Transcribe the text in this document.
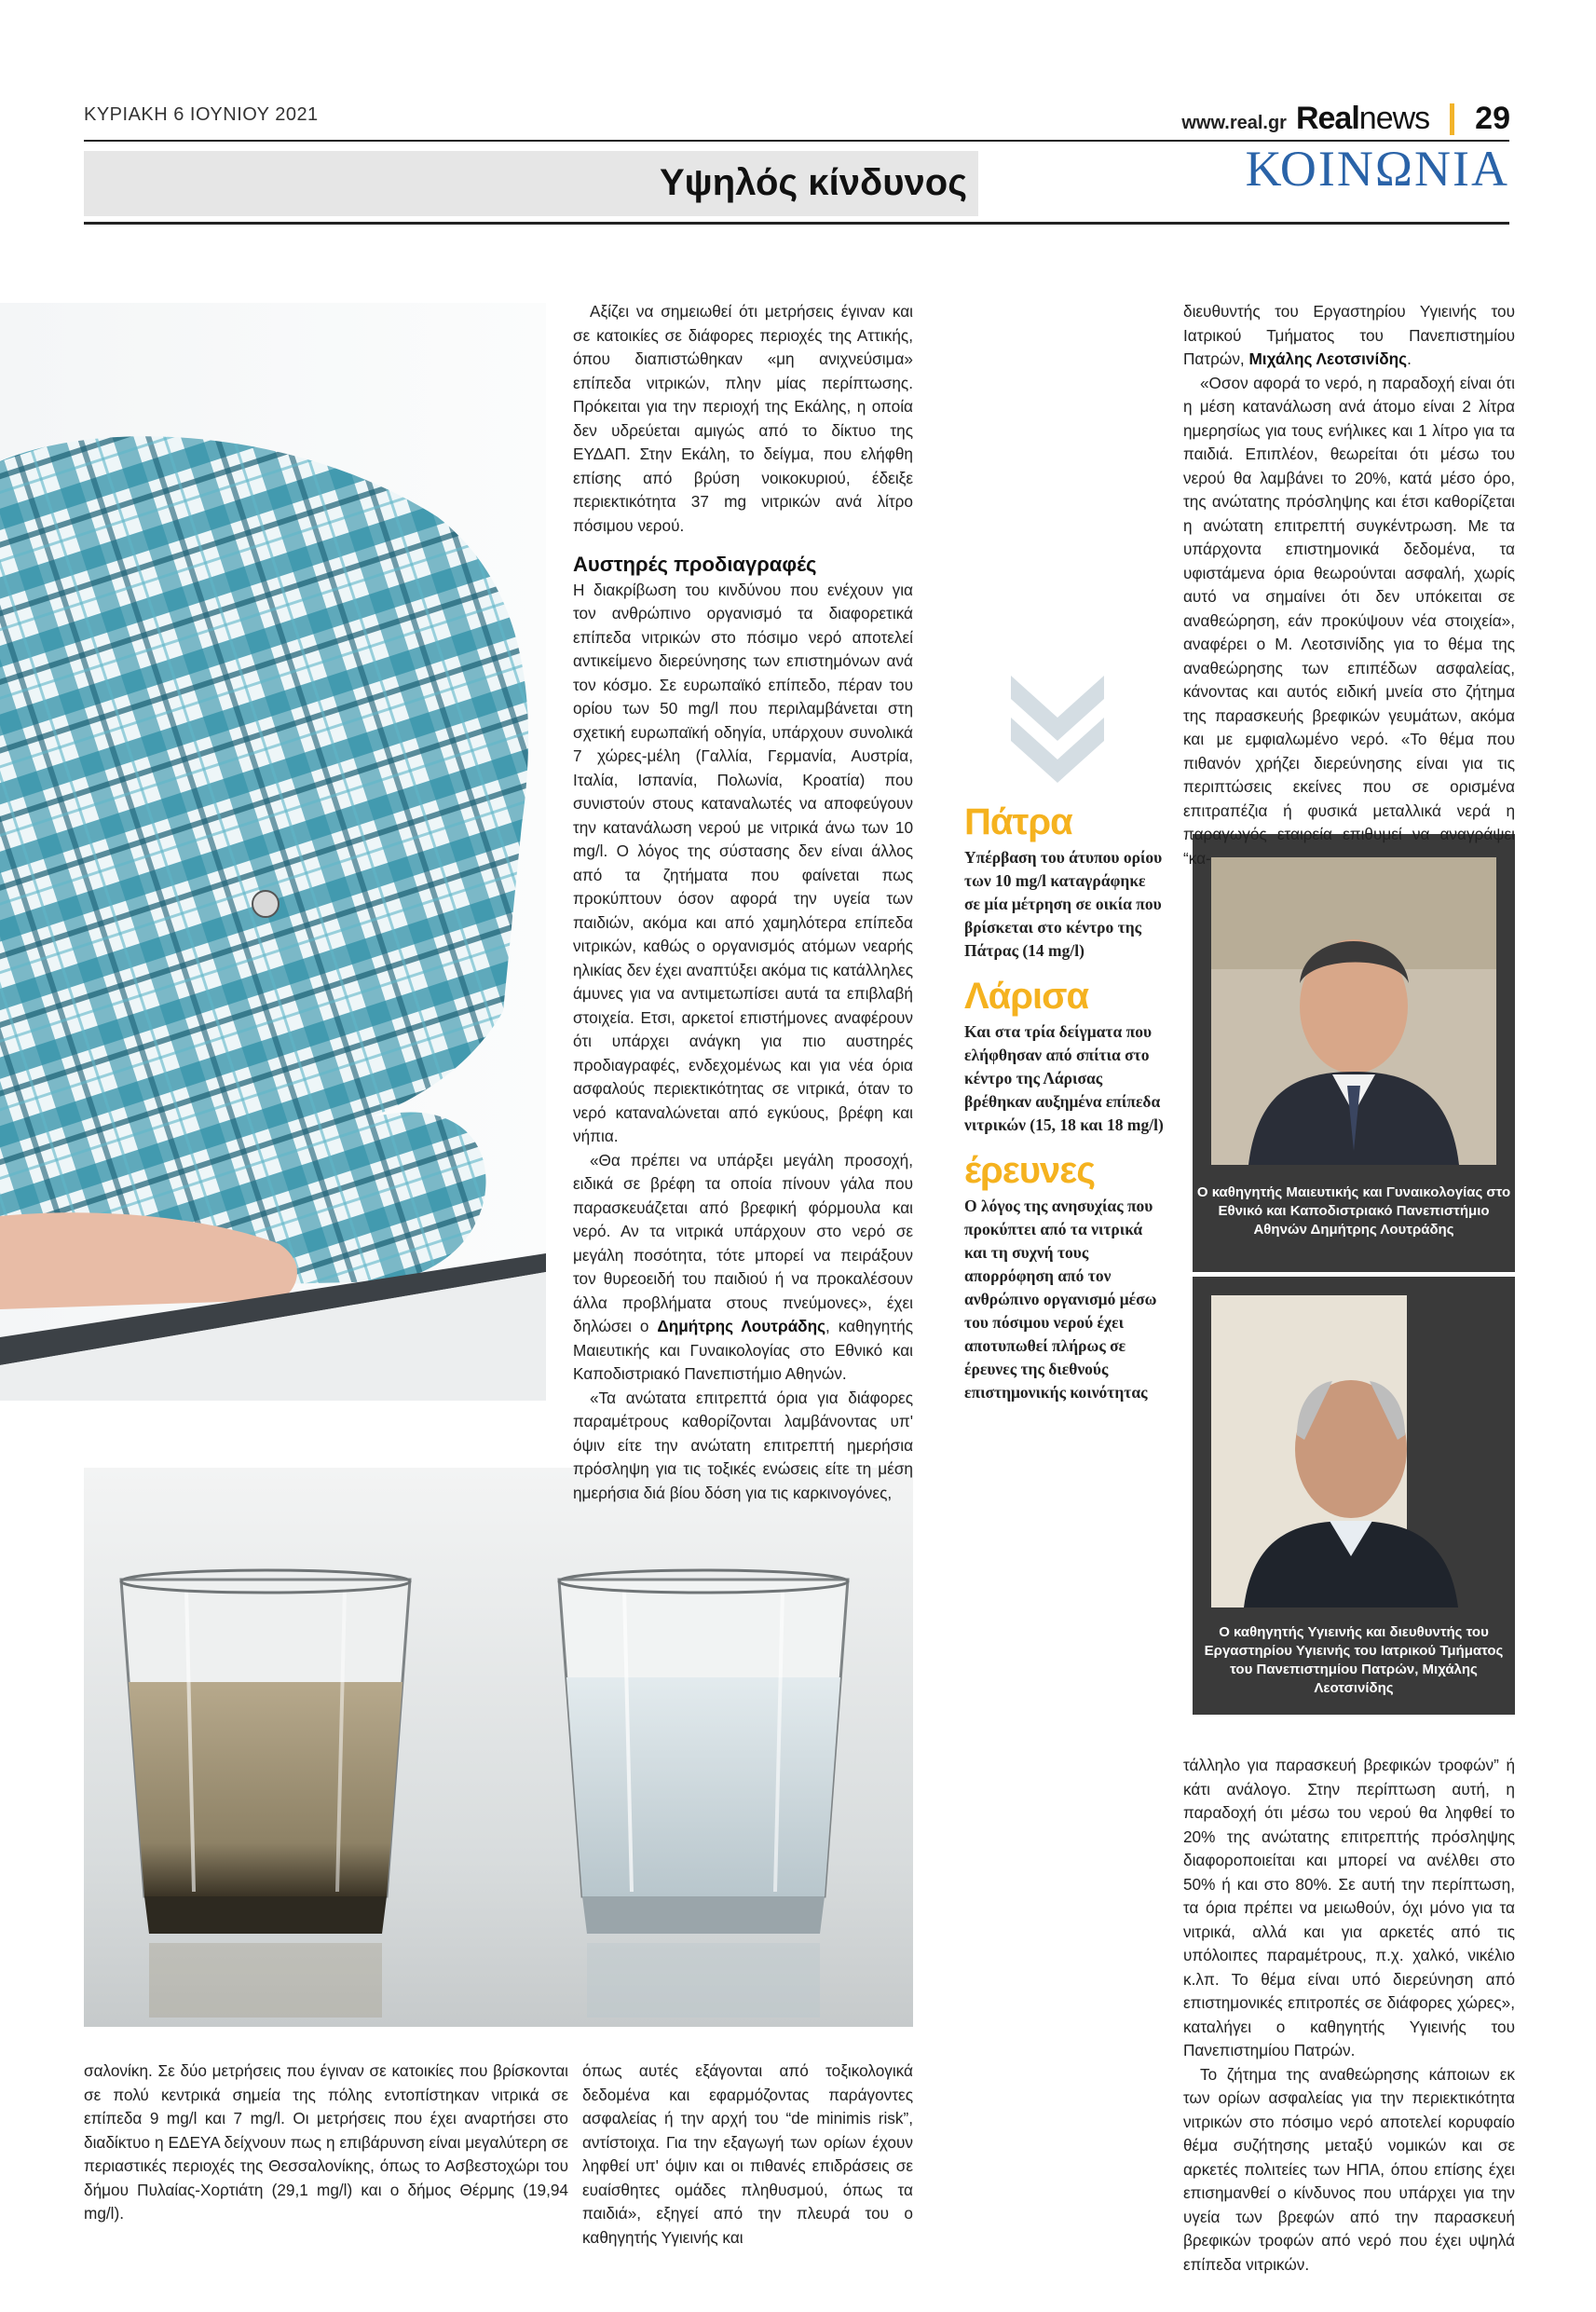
ΚΥΡΙΑΚΗ 6 ΙΟΥΝΙΟΥ 2021	www.real.gr Realnews 29
Υψηλός κίνδυνος	ΚΟΙΝΩΝΙΑ

Αξίζει να σημειωθεί ότι μετρήσεις έγιναν και σε κατοικίες σε διάφορες περιοχές της Αττικής, όπου διαπιστώθηκαν «μη ανιχνεύσιμα» επίπεδα νιτρικών, πλην μίας περίπτωσης. Πρόκειται για την περιοχή της Εκάλης, η οποία δεν υδρεύεται αμιγώς από το δίκτυο της ΕΥΔΑΠ. Στην Εκάλη, το δείγμα, που ελήφθη επίσης από βρύση νοικοκυριού, έδειξε περιεκτικότητα 37 mg νιτρικών ανά λίτρο πόσιμου νερού.

Αυστηρές προδιαγραφές

Η διακρίβωση του κινδύνου που ενέχουν για τον ανθρώπινο οργανισμό τα διαφορετικά επίπεδα νιτρικών στο πόσιμο νερό αποτελεί αντικείμενο διερεύνησης των επιστημόνων ανά τον κόσμο. Σε ευρωπαϊκό επίπεδο, πέραν του ορίου των 50 mg/l που περιλαμβάνεται στη σχετική ευρωπαϊκή οδηγία, υπάρχουν συνολικά 7 χώρες-μέλη (Γαλλία, Γερμανία, Αυστρία, Ιταλία, Ισπανία, Πολωνία, Κροατία) που συνιστούν στους καταναλωτές να αποφεύγουν την κατανάλωση νερού με νιτρικά άνω των 10 mg/l. Ο λόγος της σύστασης δεν είναι άλλος από τα ζητήματα που φαίνεται πως προκύπτουν όσον αφορά την υγεία των παιδιών, ακόμα και από χαμηλότερα επίπεδα νιτρικών, καθώς ο οργανισμός ατόμων νεαρής ηλικίας δεν έχει αναπτύξει ακόμα τις κατάλληλες άμυνες για να αντιμετωπίσει αυτά τα επιβλαβή στοιχεία. Ετσι, αρκετοί επιστήμονες αναφέρουν ότι υπάρχει ανάγκη για πιο αυστηρές προδιαγραφές, ενδεχομένως και για νέα όρια ασφαλούς περιεκτικότητας σε νιτρικά, όταν το νερό καταναλώνεται από εγκύους, βρέφη και νήπια.

«Θα πρέπει να υπάρξει μεγάλη προσοχή, ειδικά σε βρέφη τα οποία πίνουν γάλα που παρασκευάζεται από βρεφική φόρμουλα και νερό. Αν τα νιτρικά υπάρχουν στο νερό σε μεγάλη ποσότητα, τότε μπορεί να πειράξουν τον θυρεοειδή του παιδιού ή να προκαλέσουν άλλα προβλήματα στους πνεύμονες», έχει δηλώσει ο Δημήτρης Λουτράδης, καθηγητής Μαιευτικής και Γυναικολογίας στο Εθνικό και Καποδιστριακό Πανεπιστήμιο Αθηνών.

«Τα ανώτατα επιτρεπτά όρια για διάφορες παραμέτρους καθορίζονται λαμβάνοντας υπ' όψιν είτε την ανώτατη επιτρεπτή ημερήσια πρόσληψη για τις τοξικές ενώσεις είτε τη μέση ημερήσια διά βίου δόση για τις καρκινογόνες,

σαλονίκη. Σε δύο μετρήσεις που έγιναν σε κατοικίες που βρίσκονται σε πολύ κεντρικά σημεία της πόλης εντοπίστηκαν νιτρικά σε επίπεδα 9 mg/l και 7 mg/l. Οι μετρήσεις που έχει αναρτήσει στο διαδίκτυο η ΕΔΕΥΑ δείχνουν πως η επιβάρυνση είναι μεγαλύτερη σε περιαστικές περιοχές της Θεσσαλονίκης, όπως το Ασβεστοχώρι του δήμου Πυλαίας-Χορτιάτη (29,1 mg/l) και ο δήμος Θέρμης (19,94 mg/l).

όπως αυτές εξάγονται από τοξικολογικά δεδομένα και εφαρμόζοντας παράγοντες ασφαλείας ή την αρχή του “de minimis risk”, αντίστοιχα. Για την εξαγωγή των ορίων έχουν ληφθεί υπ' όψιν και οι πιθανές επιδράσεις σε ευαίσθητες ομάδες πληθυσμού, όπως τα παιδιά», εξηγεί από την πλευρά του ο καθηγητής Υγιεινής και

Πάτρα
Υπέρβαση του άτυπου ορίου των 10 mg/l καταγράφηκε σε μία μέτρηση σε οικία που βρίσκεται στο κέντρο της Πάτρας (14 mg/l)
Λάρισα
Και στα τρία δείγματα που ελήφθησαν από σπίτια στο κέντρο της Λάρισας βρέθηκαν αυξημένα επίπεδα νιτρικών (15, 18 και 18 mg/l)
έρευνες
Ο λόγος της ανησυχίας που προκύπτει από τα νιτρικά και τη συχνή τους απορρόφηση από τον ανθρώπινο οργανισμό μέσω του πόσιμου νερού έχει αποτυπωθεί πλήρως σε έρευνες της διεθνούς επιστημονικής κοινότητας
Ο καθηγητής Μαιευτικής και Γυναικολογίας στο Εθνικό και Καποδιστριακό Πανεπιστήμιο Αθηνών Δημήτρης Λουτράδης
Ο καθηγητής Υγιεινής και διευθυντής του Εργαστηρίου Υγιεινής του Ιατρικού Τμήματος του Πανεπιστημίου Πατρών, Μιχάλης Λεοτσινίδης

διευθυντής του Εργαστηρίου Υγιεινής του Ιατρικού Τμήματος του Πανεπιστημίου Πατρών, Μιχάλης Λεοτσινίδης.

«Οσον αφορά το νερό, η παραδοχή είναι ότι η μέση κατανάλωση ανά άτομο είναι 2 λίτρα ημερησίως για τους ενήλικες και 1 λίτρο για τα παιδιά. Επιπλέον, θεωρείται ότι μέσω του νερού θα λαμβάνει το 20%, κατά μέσο όρο, της ανώτατης πρόσληψης και έτσι καθορίζεται η ανώτατη επιτρεπτή συγκέντρωση. Με τα υπάρχοντα επιστημονικά δεδομένα, τα υφιστάμενα όρια θεωρούνται ασφαλή, χωρίς αυτό να σημαίνει ότι δεν υπόκειται σε αναθεώρηση, εάν προκύψουν νέα στοιχεία», αναφέρει ο Μ. Λεοτσινίδης για το θέμα της αναθεώρησης των επιπέδων ασφαλείας, κάνοντας και αυτός ειδική μνεία στο ζήτημα της παρασκευής βρεφικών γευμάτων, ακόμα και με εμφιαλωμένο νερό. «Το θέμα που πιθανόν χρήζει διερεύνησης είναι για τις περιπτώσεις εκείνες που σε ορισμένα επιτραπέζια ή φυσικά μεταλλικά νερά η παραγωγός εταιρεία επιθυμεί να αναγράψει “κα-

τάλληλο για παρασκευή βρεφικών τροφών” ή κάτι ανάλογο. Στην περίπτωση αυτή, η παραδοχή ότι μέσω του νερού θα ληφθεί το 20% της ανώτατης επιτρεπτής πρόσληψης διαφοροποιείται και μπορεί να ανέλθει στο 50% ή και στο 80%. Σε αυτή την περίπτωση, τα όρια πρέπει να μειωθούν, όχι μόνο για τα νιτρικά, αλλά και για αρκετές από τις υπόλοιπες παραμέτρους, π.χ. χαλκό, νικέλιο κ.λπ. Το θέμα είναι υπό διερεύνηση από επιστημονικές επιτροπές σε διάφορες χώρες», καταλήγει ο καθηγητής Υγιεινής του Πανεπιστημίου Πατρών.

Το ζήτημα της αναθεώρησης κάποιων εκ των ορίων ασφαλείας για την περιεκτικότητα νιτρικών στο πόσιμο νερό αποτελεί κορυφαίο θέμα συζήτησης μεταξύ νομικών και σε αρκετές πολιτείες των ΗΠΑ, όπου επίσης έχει επισημανθεί ο κίνδυνος που υπάρχει για την υγεία των βρεφών από την παρασκευή βρεφικών τροφών από νερό που έχει υψηλά επίπεδα νιτρικών.
